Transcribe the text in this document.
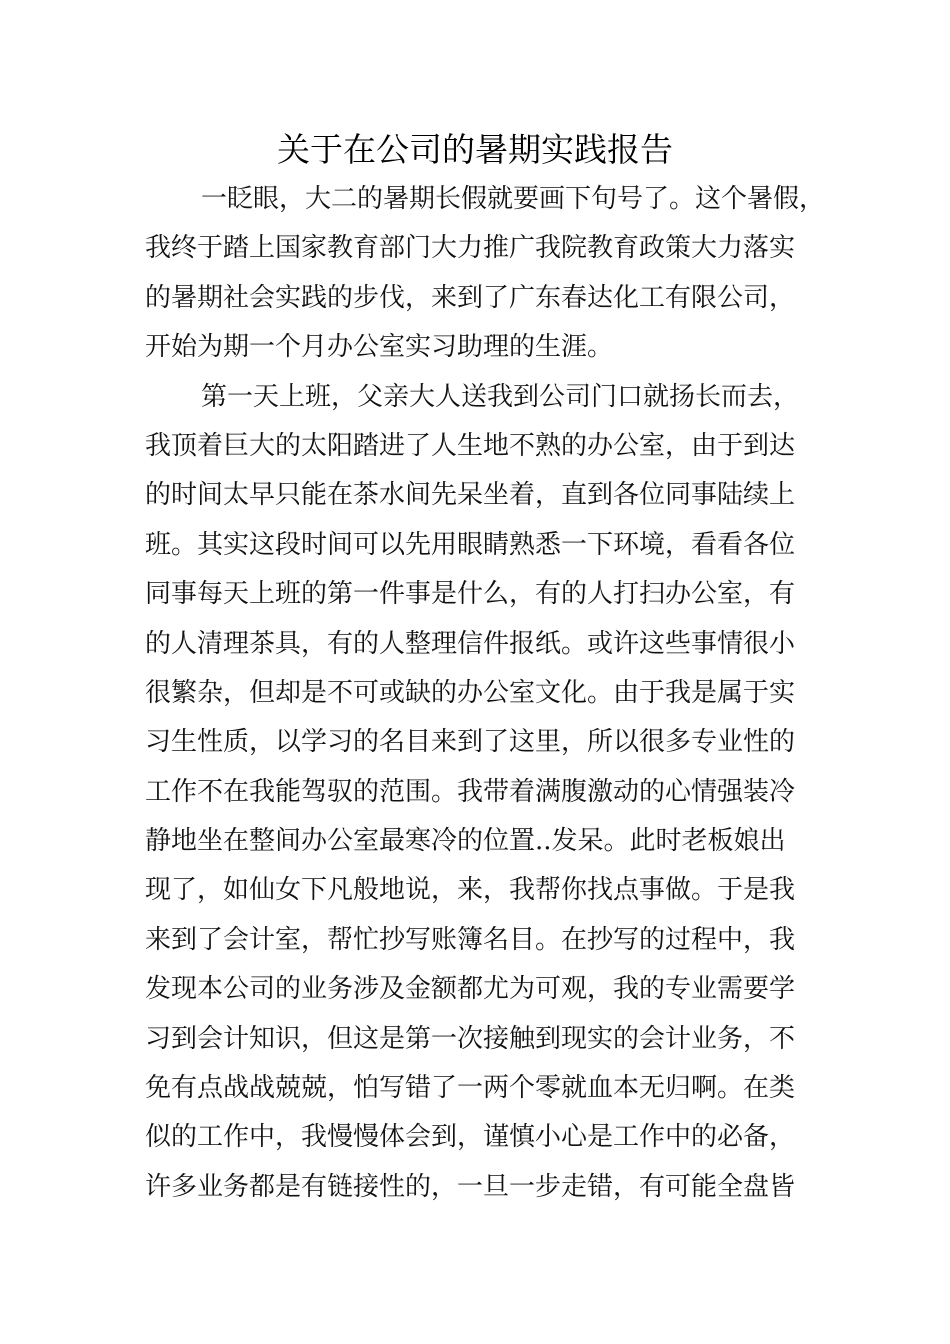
关于在公司的暑期实践报告
一眨眼，大二的暑期长假就要画下句号了。这个暑假，
我终于踏上国家教育部门大力推广我院教育政策大力落实
的暑期社会实践的步伐，来到了广东春达化工有限公司，
开始为期一个月办公室实习助理的生涯。
第一天上班，父亲大人送我到公司门口就扬长而去，
我顶着巨大的太阳踏进了人生地不熟的办公室，由于到达
的时间太早只能在茶水间先呆坐着，直到各位同事陆续上
班。其实这段时间可以先用眼睛熟悉一下环境，看看各位
同事每天上班的第一件事是什么，有的人打扫办公室，有
的人清理茶具，有的人整理信件报纸。或许这些事情很小
很繁杂，但却是不可或缺的办公室文化。由于我是属于实
习生性质，以学习的名目来到了这里，所以很多专业性的
工作不在我能驾驭的范围。我带着满腹激动的心情强装冷
静地坐在整间办公室最寒冷的位置..发呆。此时老板娘出
现了，如仙女下凡般地说，来，我帮你找点事做。于是我
来到了会计室，帮忙抄写账簿名目。在抄写的过程中，我
发现本公司的业务涉及金额都尤为可观，我的专业需要学
习到会计知识，但这是第一次接触到现实的会计业务，不
免有点战战兢兢，怕写错了一两个零就血本无归啊。在类
似的工作中，我慢慢体会到，谨慎小心是工作中的必备，
许多业务都是有链接性的，一旦一步走错，有可能全盘皆
